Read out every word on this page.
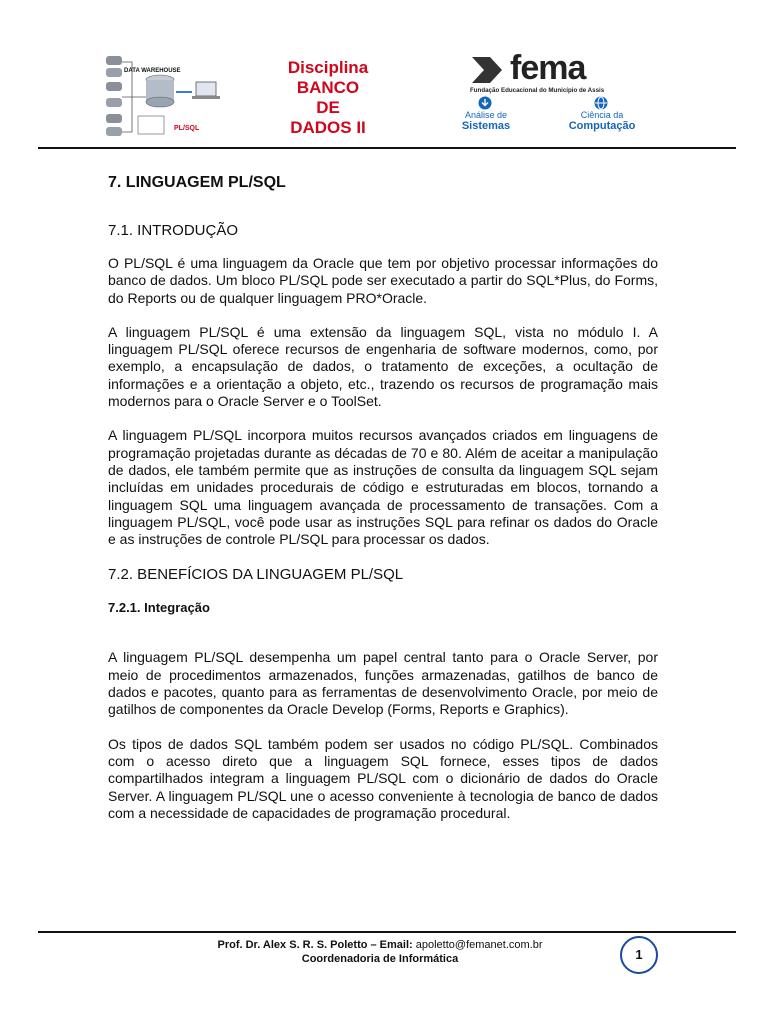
DATA WAREHOUSE
PL/SQL
Disciplina
BANCO
DE
DADOS II
fema
Fundação Educacional do Município de Assis
Análise de
Sistemas
Ciência da
Computação
7. LINGUAGEM PL/SQL
7.1. INTRODUÇÃO

O PL/SQL é uma linguagem da Oracle que tem por objetivo processar informações do banco de dados. Um bloco PL/SQL pode ser executado a partir do SQL*Plus, do Forms, do Reports ou de qualquer linguagem PRO*Oracle.

A linguagem PL/SQL é uma extensão da linguagem SQL, vista no módulo I. A linguagem PL/SQL oferece recursos de engenharia de software modernos, como, por exemplo, a encapsulação de dados, o tratamento de exceções, a ocultação de informações e a orientação a objeto, etc., trazendo os recursos de programação mais modernos para o Oracle Server e o ToolSet.

A linguagem PL/SQL incorpora muitos recursos avançados criados em linguagens de programação projetadas durante as décadas de 70 e 80. Além de aceitar a manipulação de dados, ele também permite que as instruções de consulta da linguagem SQL sejam incluídas em unidades procedurais de código e estruturadas em blocos, tornando a linguagem SQL uma linguagem avançada de processamento de transações. Com a linguagem PL/SQL, você pode usar as instruções SQL para refinar os dados do Oracle e as instruções de controle PL/SQL para processar os dados.

7.2. BENEFÍCIOS DA LINGUAGEM PL/SQL
7.2.1. Integração

A linguagem PL/SQL desempenha um papel central tanto para o Oracle Server, por meio de procedimentos armazenados, funções armazenadas, gatilhos de banco de dados e pacotes, quanto para as ferramentas de desenvolvimento Oracle, por meio de gatilhos de componentes da Oracle Develop (Forms, Reports e Graphics).

Os tipos de dados SQL também podem ser usados no código PL/SQL. Combinados com o acesso direto que a linguagem SQL fornece, esses tipos de dados compartilhados integram a linguagem PL/SQL com o dicionário de dados do Oracle Server. A linguagem PL/SQL une o acesso conveniente à tecnologia de banco de dados com a necessidade de capacidades de programação procedural.

Prof. Dr. Alex S. R. S. Poletto – Email: apoletto@femanet.com.br
Coordenadoria de Informática	1
